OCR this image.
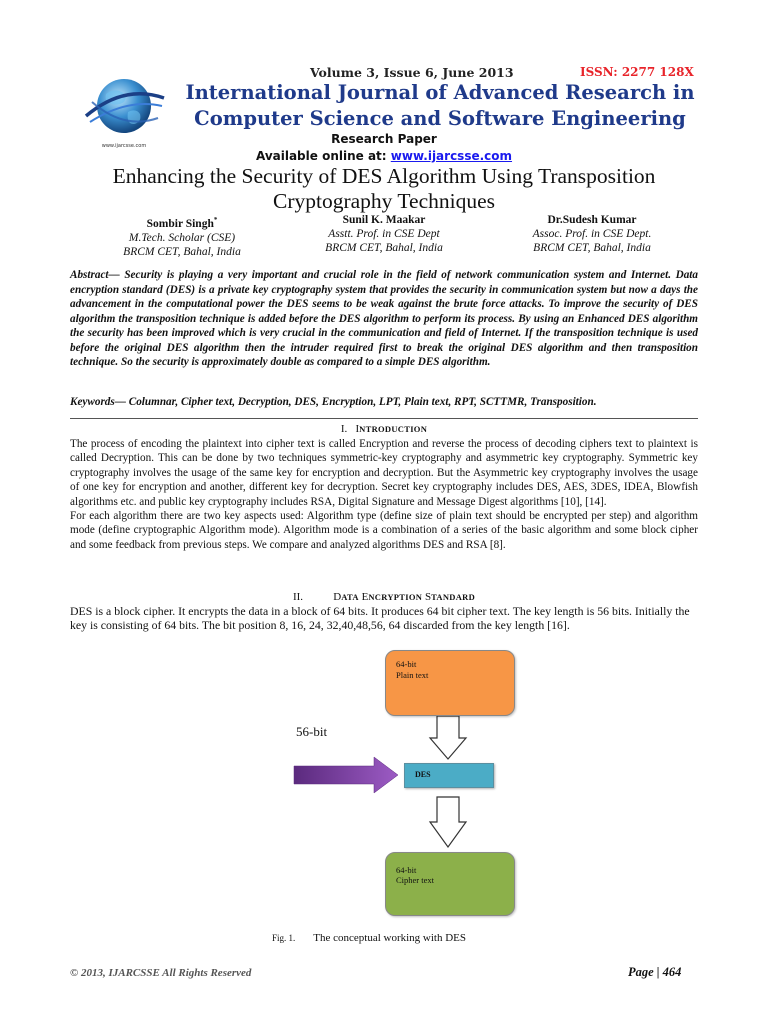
Volume 3, Issue 6, June 2013	ISSN: 2277 128X
www.ijarcsse.com
International Journal of Advanced Research in Computer Science and Software Engineering
Research Paper
Available online at: www.ijarcsse.com
Enhancing the Security of DES Algorithm Using Transposition Cryptography Techniques
Sombir Singh*
M.Tech. Scholar (CSE)
BRCM CET, Bahal, India
Sunil K. Maakar
Asstt. Prof. in CSE Dept
BRCM CET, Bahal, India
Dr.Sudesh Kumar
Assoc. Prof. in CSE Dept.
BRCM CET, Bahal, India
Abstract— Security is playing a very important and crucial role in the field of network communication system and Internet. Data encryption standard (DES) is a private key cryptography system that provides the security in communication system but now a days the advancement in the computational power the DES seems to be weak against the brute force attacks. To improve the security of DES algorithm the transposition technique is added before the DES algorithm to perform its process. By using an Enhanced DES algorithm the security has been improved which is very crucial in the communication and field of Internet. If the transposition technique is used before the original DES algorithm then the intruder required first to break the original DES algorithm and then transposition technique. So the security is approximately double as compared to a simple DES algorithm.
Keywords— Columnar, Cipher text, Decryption, DES, Encryption, LPT, Plain text, RPT, SCTTMR, Transposition.
I. INTRODUCTION

The process of encoding the plaintext into cipher text is called Encryption and reverse the process of decoding ciphers text to plaintext is called Decryption. This can be done by two techniques symmetric-key cryptography and asymmetric key cryptography. Symmetric key cryptography involves the usage of the same key for encryption and decryption. But the Asymmetric key cryptography involves the usage of one key for encryption and another, different key for decryption. Secret key cryptography includes DES, AES, 3DES, IDEA, Blowfish algorithms etc. and public key cryptography includes RSA, Digital Signature and Message Digest algorithms [10], [14].

For each algorithm there are two key aspects used: Algorithm type (define size of plain text should be encrypted per step) and algorithm mode (define cryptographic Algorithm mode). Algorithm mode is a combination of a series of the basic algorithm and some block cipher and some feedback from previous steps. We compare and analyzed algorithms DES and RSA [8].

II.	DATA ENCRYPTION STANDARD
DES is a block cipher. It encrypts the data in a block of 64 bits. It produces 64 bit cipher text. The key length is 56 bits. Initially the key is consisting of 64 bits. The bit position 8, 16, 24, 32,40,48,56, 64 discarded from the key length [16].
64-bit
Plain text
DES
64-bit
Cipher text
56-bit
Fig. 1. The conceptual working with DES
© 2013, IJARCSSE All Rights Reserved	Page | 464
